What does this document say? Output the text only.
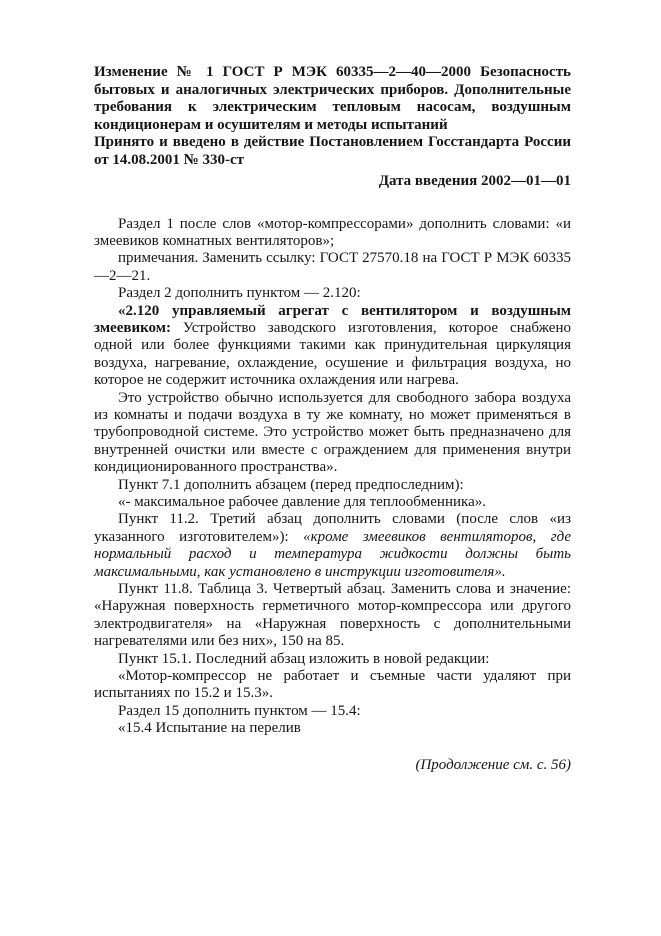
Изменение № 1 ГОСТ Р МЭК 60335—2—40—2000 Безопасность бытовых и аналогичных электрических приборов. Дополнительные требования к электрическим тепловым насосам, воздушным кондиционерам и осушителям и методы испытаний

Принято и введено в действие Постановлением Госстандарта России от 14.08.2001 № 330-ст

Дата введения 2002—01—01

Раздел 1 после слов «мотор-компрессорами» дополнить словами: «и змеевиков комнатных вентиляторов»;

примечания. Заменить ссылку: ГОСТ 27570.18 на ГОСТ Р МЭК 60335—2—21.

Раздел 2 дополнить пунктом — 2.120:

«2.120 управляемый агрегат с вентилятором и воздушным змеевиком: Устройство заводского изготовления, которое снабжено одной или более функциями такими как принудительная циркуляция воздуха, нагревание, охлаждение, осушение и фильтрация воздуха, но которое не содержит источника охлаждения или нагрева.

Это устройство обычно используется для свободного забора воздуха из комнаты и подачи воздуха в ту же комнату, но может применяться в трубопроводной системе. Это устройство может быть предназначено для внутренней очистки или вместе с ограждением для применения внутри кондиционированного пространства».

Пункт 7.1 дополнить абзацем (перед предпоследним):

«- максимальное рабочее давление для теплообменника».

Пункт 11.2. Третий абзац дополнить словами (после слов «из указанного изготовителем»): «кроме змеевиков вентиляторов, где нормальный расход и температура жидкости должны быть максимальными, как установлено в инструкции изготовителя».

Пункт 11.8. Таблица 3. Четвертый абзац. Заменить слова и значение: «Наружная поверхность герметичного мотор-компрессора или другого электродвигателя» на «Наружная поверхность с дополнительными нагревателями или без них», 150 на 85.

Пункт 15.1. Последний абзац изложить в новой редакции:

«Мотор-компрессор не работает и съемные части удаляют при испытаниях по 15.2 и 15.3».

Раздел 15 дополнить пунктом — 15.4:

«15.4 Испытание на перелив

(Продолжение см. с. 56)
